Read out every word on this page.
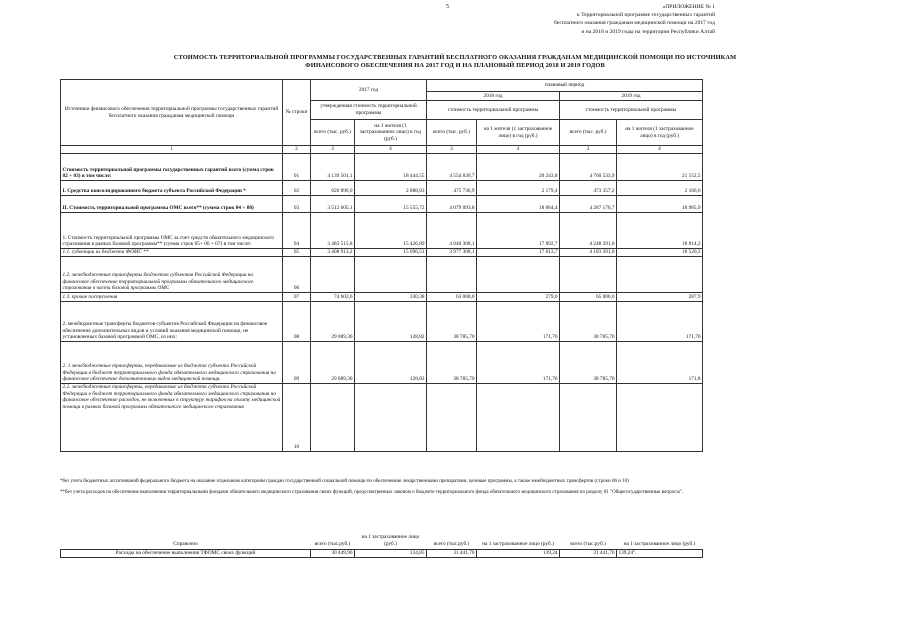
5	«ПРИЛОЖЕНИЕ № 1
к Территориальной программе государственных гарантий
бесплатного оказания гражданам медицинской помощи на 2017 год
и на 2018 и 2019 годы на территории Республики Алтай
СТОИМОСТЬ ТЕРРИТОРИАЛЬНОЙ ПРОГРАММЫ ГОСУДАРСТВЕННЫХ ГАРАНТИЙ БЕСПЛАТНОГО ОКАЗАНИЯ ГРАЖДАНАМ МЕДИЦИНСКОЙ ПОМОЩИ ПО ИСТОЧНИКАМ
ФИНАНСОВОГО ОБЕСПЕЧЕНИЯ НА 2017 ГОД И НА ПЛАНОВЫЙ ПЕРИОД 2018 И 2019 ГОДОВ
Источники финансового обеспечения территориальной программы государственных гарантий бесплатного оказания гражданам медицинской помощи	№ строки	2017 год		плановый период			
				2018 год		2019 год	
		утвержденная стоимость территориальной программы		стоимость территориальной программы		стоимость территориальной программы	
		всего (тыс. руб.)	на 1 жителя (1 застрахованное лицо) в год (руб.)	всего (тыс. руб.)	на 1 жителя (1 застрахованное лицо) в год (руб.)	всего (тыс. руб.)	на 1 жителя (1 застрахованное лицо) в год (руб.)
1	2	3	4	3	4	3	4
Стоимость территориальной программы государственных гарантий всего (сумма строк 02 + 03) в том числе:	01	4 139 501,1	18 444,55	4 554 830,7	20 243,8	4 760 533,9	21 152,5
I. Средства консолидированного бюджета субъекта Российской Федерации *	02	626 896,0	2 888,83	475 736,9	2 179,4	473 357,2	2 166,6
II. Стоимость территориальной программы ОМС всего** (сумма строк 04 + 08)	03	3 512 605,1	15 555,72	4 079 093,8	18 064,4	4 287 176,7	18 985,9
1. Стоимость территориальной программы ОМС за счет средств обязательного медицинского страхования в рамках базовой программы** (сумма строк 05+ 06 + 07) в том числе:	04	3 483 515,8	15 426,89	4 040 308,1	17 892,7	4 248 391,0	18 814,2
1.1. субвенции из бюджета ФОМС **	05	3 408 913,2	15 096,51	3 977 308,1	17 613,7	4 183 391,0	18 526,3
1.2. межбюджетные трансферты бюджетов субъектов Российской Федерации на финансовое обеспечение территориальной программы обязательного медицинского страхования в части базовой программы ОМС	06						
1.3. прочие поступления	07	74 602,6	330,38	63 000,0	279,0	65 000,0	287,9
2. межбюджетные трансферты бюджетов субъектов Российской Федерации на финансовое обеспечение дополнительных видов и условий оказания медицинской помощи, не установленных базовой программой ОМС, из них:	08	29 089,30	128,82	38 785,70	171,76	38 785,70	171,76
2. 1 межбюджетные трансферты, передаваемые из бюджета субъекта Российской Федерации в бюджет территориального фонда обязательного медицинского страхования на финансовое обеспечение дополнительных видов медицинской помощи.	09	29 089,30	128,82	38 785,70	171,76	38 785,70	171,8
2.2. межбюджетные трансферты, передаваемые из бюджета субъекта Российской Федерации в бюджет территориального фонда обязательного медицинского страхования на финансовое обеспечение расходов, не включенных в структуру тарифов на оплату медицинской помощи в рамках базовой программы обязательного медицинского страхования	10						

*без учета бюджетных ассигнований федерального бюджета на оказание отдельным категориям граждан государственной социальной помощи по обеспечению лекарственными препаратами, целевые программы, а также межбюджетных трансфертов (строки 06 и 10)

**без учета расходов на обеспечение выполнения территориальными фондами обязательного медицинского страхования своих функций, предусмотренных законом о бюджете территориального фонда обязательного медицинского страхования по разделу 01 "Общегосударственные вопросы".

Справочно	всего (тыс.руб.)	на 1 застрахованное лицо (руб.)	всего (тыс.руб.)	на 1 застрахованное лицо (руб.)	всего (тыс.руб.)	на 1 застрахованное лицо (руб.)
Расходы на обеспечение выполнения ТФОМС своих функций	30 449,90	134,85	31 441,70	139,24	31 441,70	139,24".
